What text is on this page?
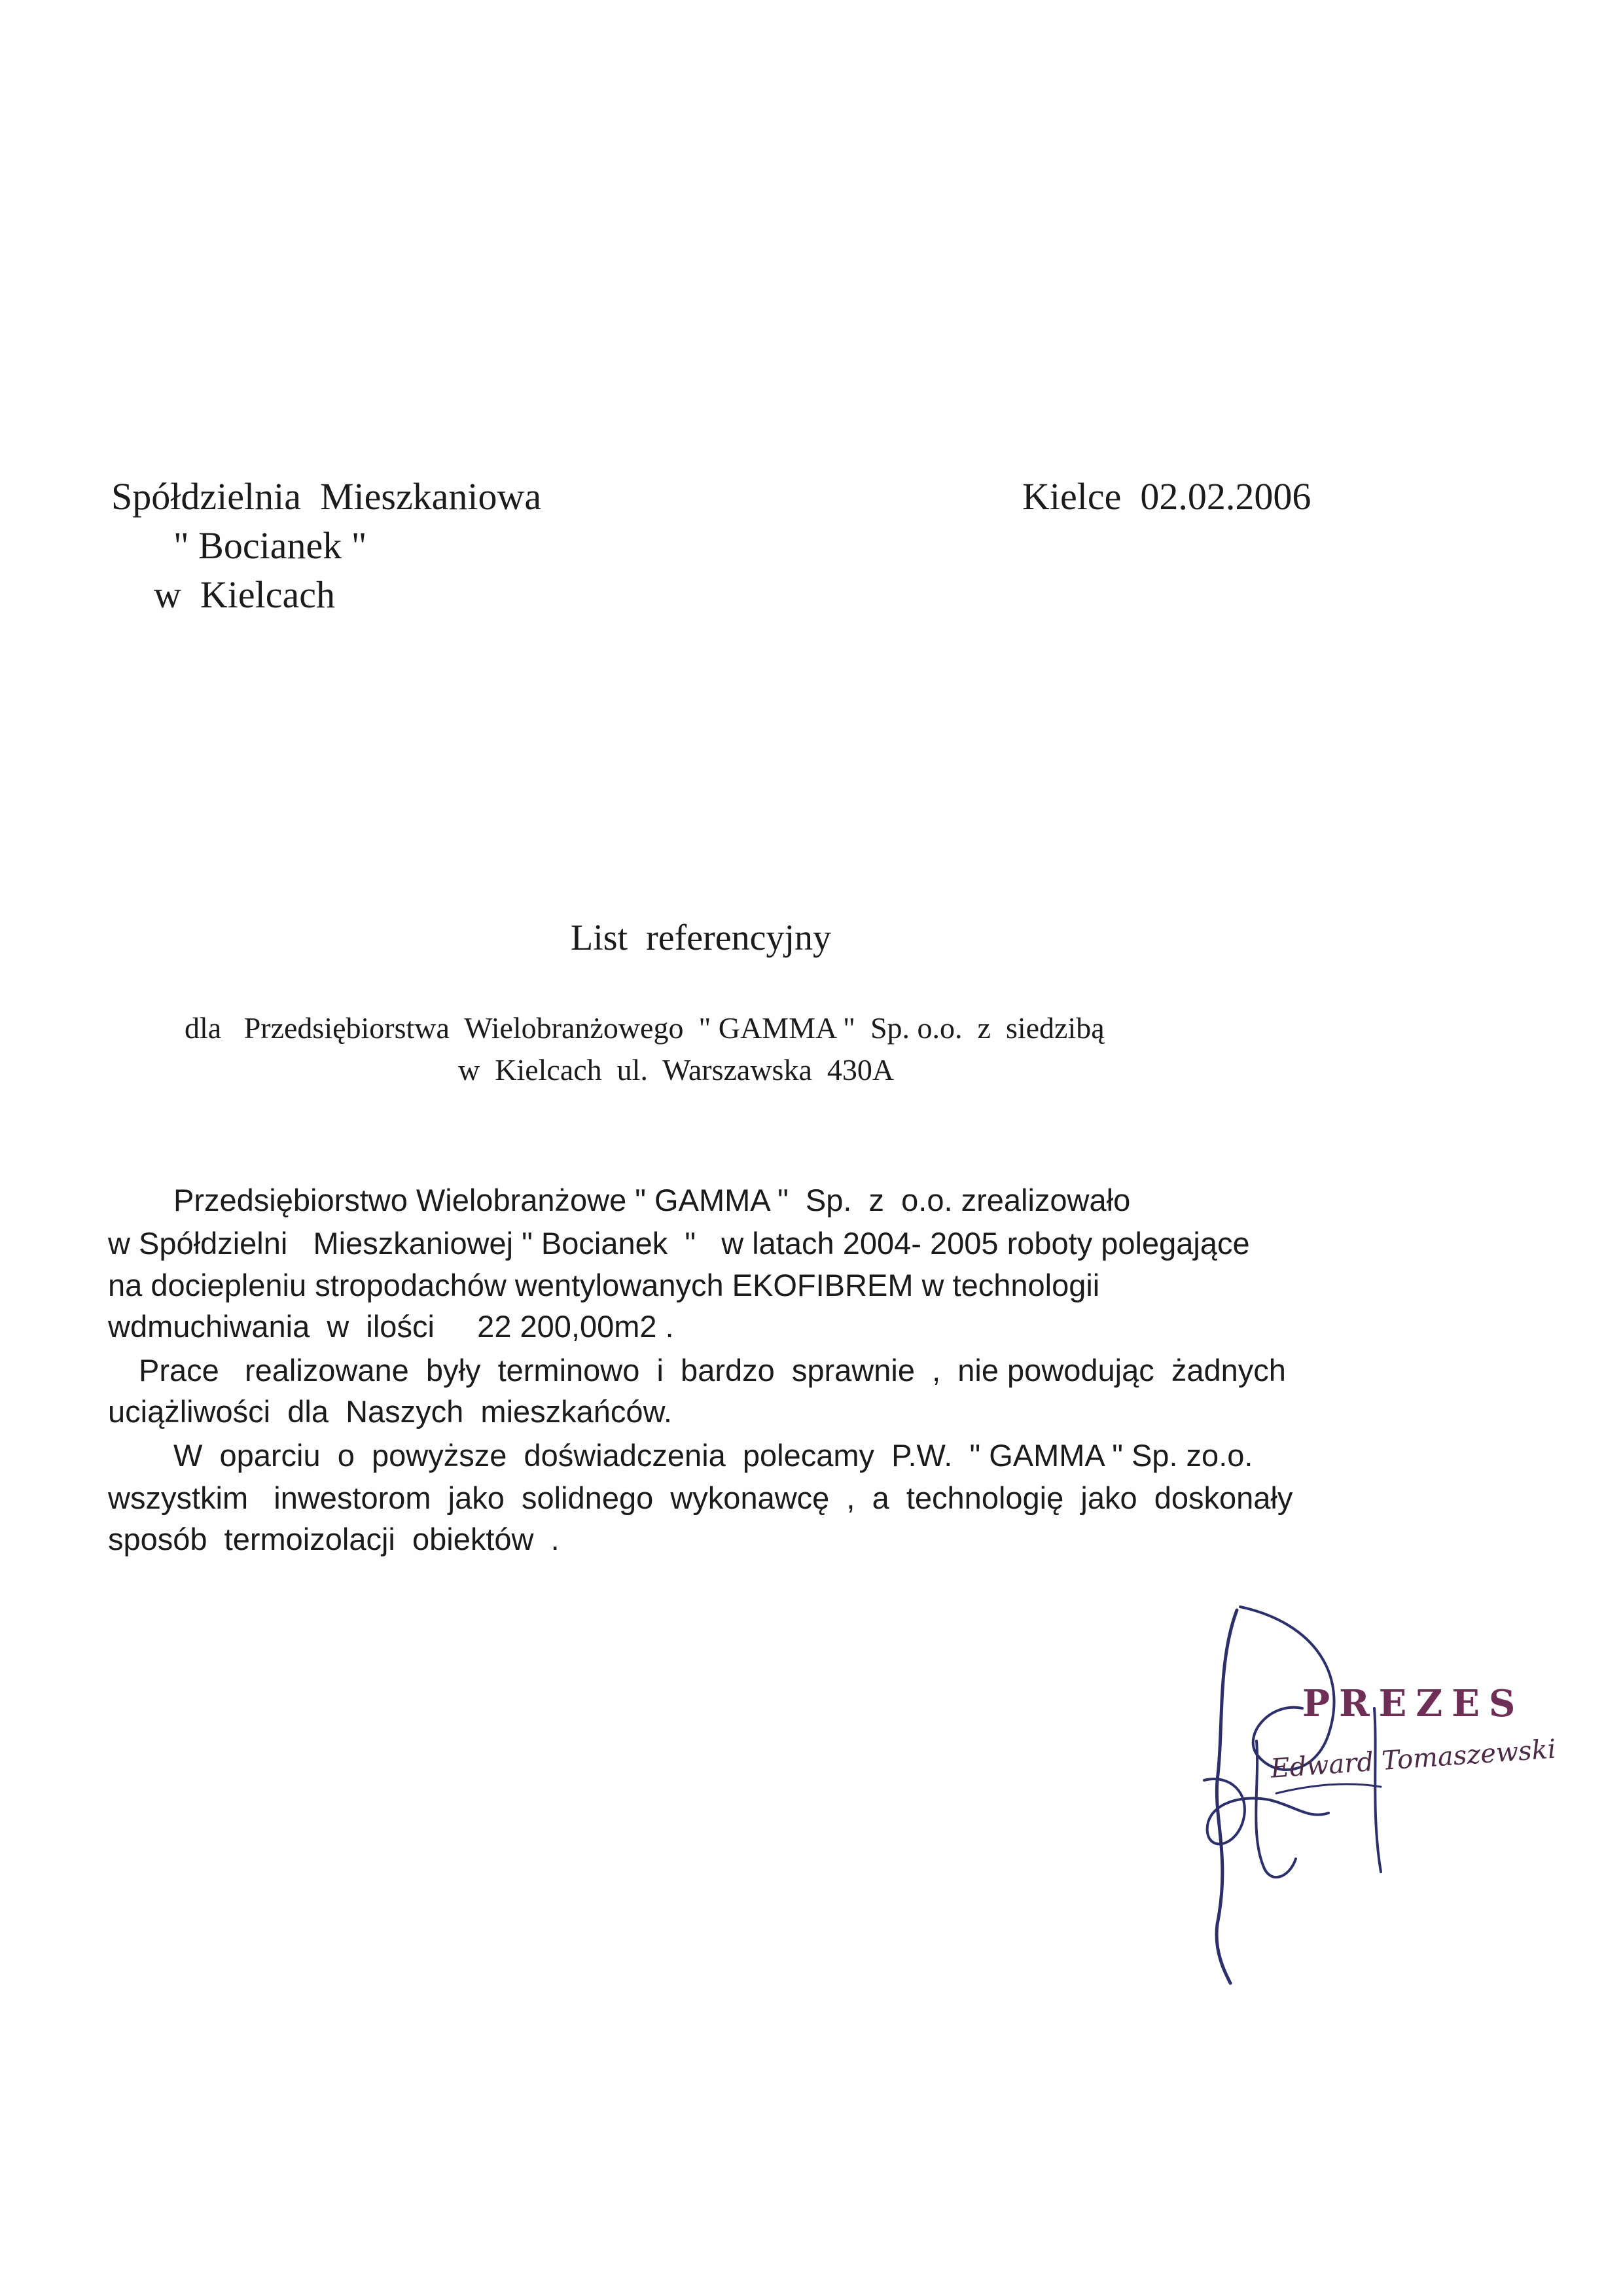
Spółdzielnia  Mieszkaniowa
" Bocianek "
w  Kielcach
Kielce  02.02.2006
List  referencyjny
dla   Przedsiębiorstwa  Wielobranżowego  " GAMMA "  Sp. o.o.  z  siedzibą
w  Kielcach  ul.  Warszawska  430A
Przedsiębiorstwo Wielobranżowe " GAMMA "  Sp.  z  o.o. zrealizowało
w Spółdzielni   Mieszkaniowej " Bocianek  "   w latach 2004- 2005 roboty polegające
na dociepleniu stropodachów wentylowanych EKOFIBREM w technologii
wdmuchiwania  w  ilości     22 200,00m2 .
Prace   realizowane  były  terminowo  i  bardzo  sprawnie  ,  nie powodując  żadnych
uciążliwości  dla  Naszych  mieszkańców.
W  oparciu  o  powyższe  doświadczenia  polecamy  P.W.  " GAMMA " Sp. zo.o.
wszystkim   inwestorom  jako  solidnego  wykonawcę  ,  a  technologię  jako  doskonały
sposób  termoizolacji  obiektów  .
PREZES
Edward Tomaszewski
